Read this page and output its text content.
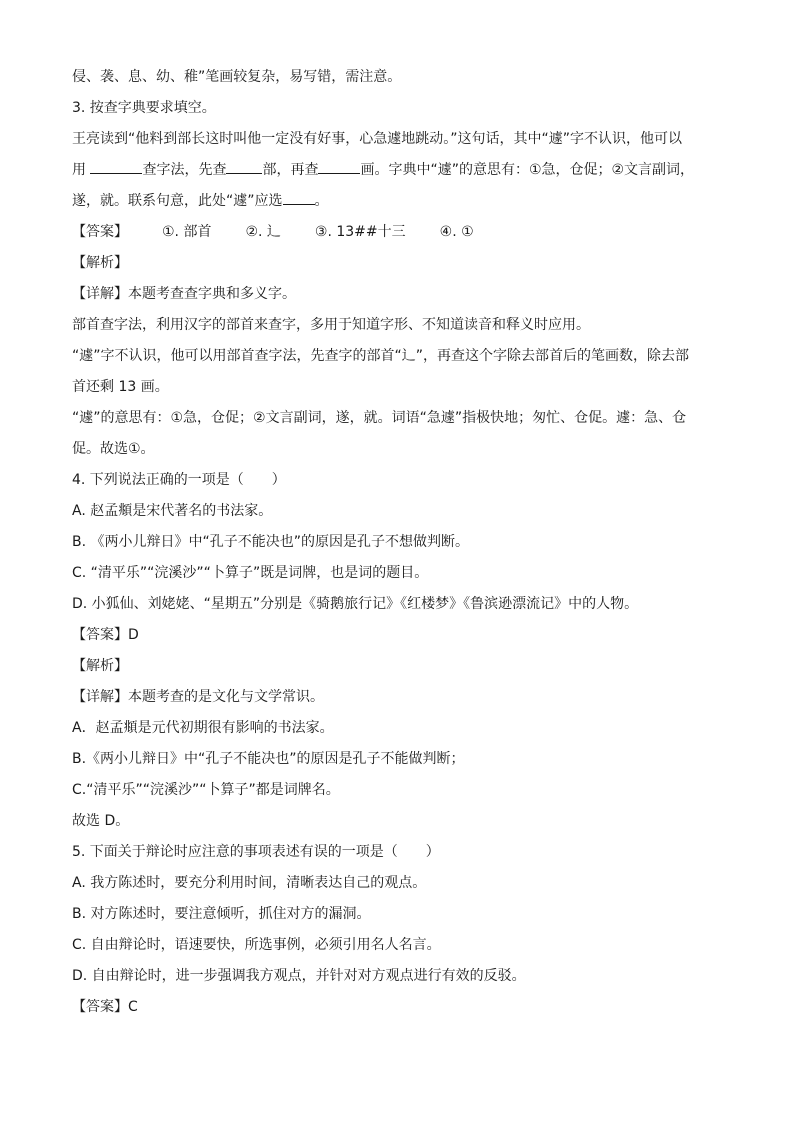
侵、袭、息、幼、稚”笔画较复杂，易写错，需注意。
3. 按查字典要求填空。
王亮读到“他料到部长这时叫他一定没有好事，心急遽地跳动。”这句话，其中“遽”字不认识，他可以
用	查字法，先查	部，再查	画。字典中“遽”的意思有：①急，仓促；②文言副词，
遂，就。联系句意，此处“遽”应选 。
【答案】 ①. 部首 ②. 辶 ③. 13##十三 ④. ①
【解析】
【详解】本题考查查字典和多义字。
部首查字法，利用汉字的部首来查字，多用于知道字形、不知道读音和释义时应用。
“遽”字不认识，他可以用部首查字法，先查字的部首“辶”，再查这个字除去部首后的笔画数，除去部
首还剩 13 画。
“遽”的意思有：①急，仓促；②文言副词，遂，就。词语“急遽”指极快地；匆忙、仓促。遽：急、仓
促。故选①。
4. 下列说法正确的一项是（　　）
A. 赵孟頫是宋代著名的书法家。
B. 《两小儿辩日》中“孔子不能决也”的原因是孔子不想做判断。
C. “清平乐”“浣溪沙”“卜算子”既是词牌，也是词的题目。
D. 小狐仙、刘姥姥、“星期五”分别是《骑鹅旅行记》《红楼梦》《鲁滨逊漂流记》中的人物。
【答案】D
【解析】
【详解】本题考查的是文化与文学常识。
A．赵孟頫是元代初期很有影响的书法家。
B.《两小儿辩日》中“孔子不能决也”的原因是孔子不能做判断；
C.“清平乐”“浣溪沙”“卜算子”都是词牌名。
故选 D。
5. 下面关于辩论时应注意的事项表述有误的一项是（　　）
A. 我方陈述时，要充分利用时间，清晰表达自己的观点。
B. 对方陈述时，要注意倾听，抓住对方的漏洞。
C. 自由辩论时，语速要快，所选事例，必须引用名人名言。
D. 自由辩论时，进一步强调我方观点，并针对对方观点进行有效的反驳。
【答案】C
